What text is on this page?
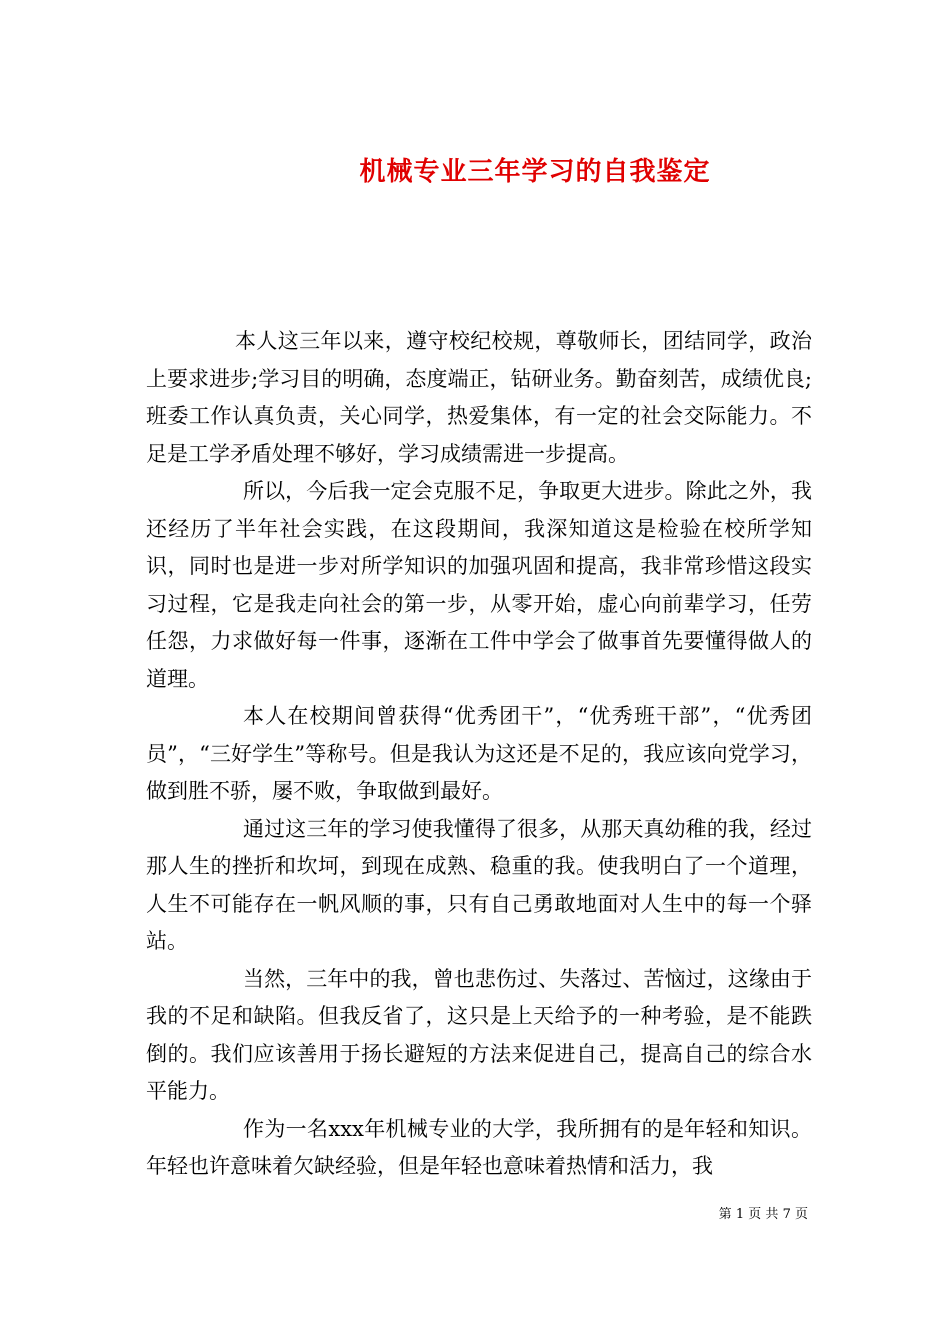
机械专业三年学习的自我鉴定

本人这三年以来，遵守校纪校规，尊敬师长，团结同学，政治上要求进步;学习目的明确，态度端正，钻研业务。勤奋刻苦，成绩优良;班委工作认真负责，关心同学，热爱集体，有一定的社会交际能力。不足是工学矛盾处理不够好，学习成绩需进一步提高。

所以，今后我一定会克服不足，争取更大进步。除此之外，我还经历了半年社会实践，在这段期间，我深知道这是检验在校所学知识，同时也是进一步对所学知识的加强巩固和提高，我非常珍惜这段实习过程，它是我走向社会的第一步，从零开始，虚心向前辈学习，任劳任怨，力求做好每一件事，逐渐在工件中学会了做事首先要懂得做人的道理。

本人在校期间曾获得“优秀团干”，“优秀班干部”，“优秀团员”，“三好学生”等称号。但是我认为这还是不足的，我应该向党学习，做到胜不骄，屡不败，争取做到最好。

通过这三年的学习使我懂得了很多，从那天真幼稚的我，经过那人生的挫折和坎坷，到现在成熟、稳重的我。使我明白了一个道理，人生不可能存在一帆风顺的事，只有自己勇敢地面对人生中的每一个驿站。

当然，三年中的我，曾也悲伤过、失落过、苦恼过，这缘由于我的不足和缺陷。但我反省了，这只是上天给予的一种考验，是不能跌倒的。我们应该善用于扬长避短的方法来促进自己，提高自己的综合水平能力。

作为一名xxx年机械专业的大学，我所拥有的是年轻和知识。年轻也许意味着欠缺经验，但是年轻也意味着热情和活力，我

第 1 页 共 7 页
